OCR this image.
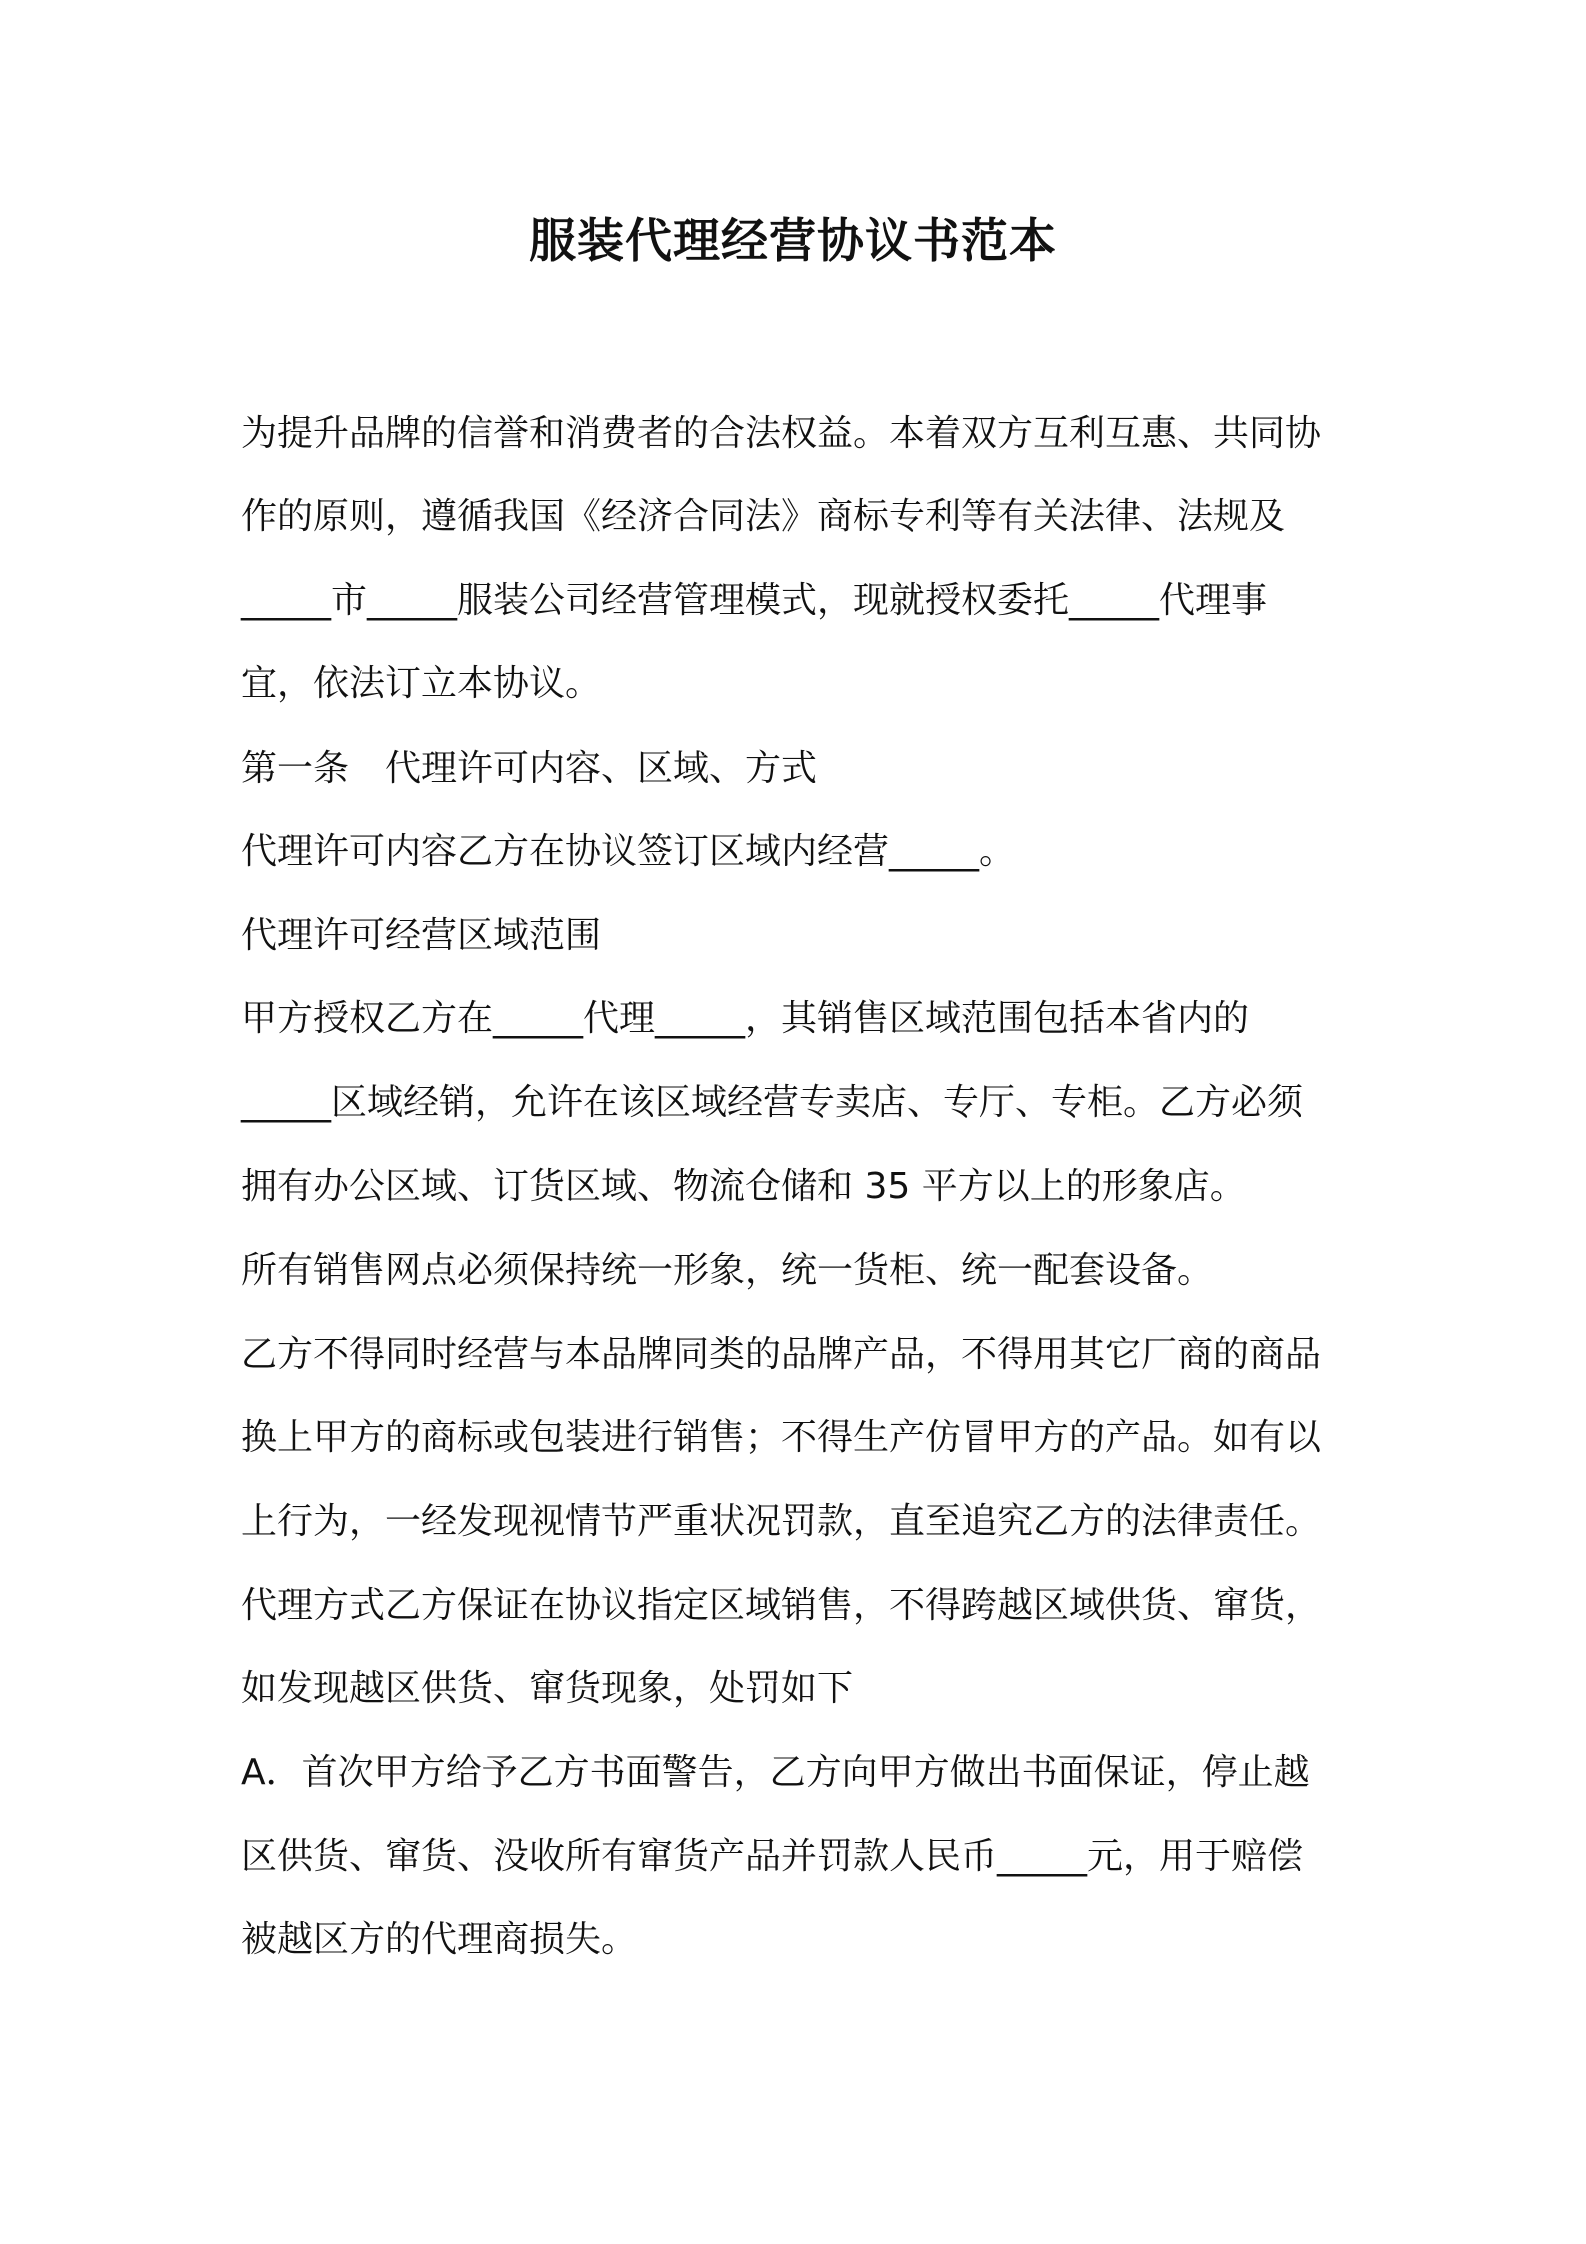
服装代理经营协议书范本
为提升品牌的信誉和消费者的合法权益。本着双方互利互惠、共同协
作的原则，遵循我国《经济合同法》商标专利等有关法律、法规及
_____市_____服装公司经营管理模式，现就授权委托_____代理事
宜，依法订立本协议。
第一条　代理许可内容、区域、方式
代理许可内容乙方在协议签订区域内经营_____。
代理许可经营区域范围
甲方授权乙方在_____代理_____，其销售区域范围包括本省内的
_____区域经销，允许在该区域经营专卖店、专厅、专柜。乙方必须
拥有办公区域、订货区域、物流仓储和 35 平方以上的形象店。
所有销售网点必须保持统一形象，统一货柜、统一配套设备。
乙方不得同时经营与本品牌同类的品牌产品，不得用其它厂商的商品
换上甲方的商标或包装进行销售；不得生产仿冒甲方的产品。如有以
上行为，一经发现视情节严重状况罚款，直至追究乙方的法律责任。
代理方式乙方保证在协议指定区域销售，不得跨越区域供货、窜货，
如发现越区供货、窜货现象，处罚如下
A．首次甲方给予乙方书面警告，乙方向甲方做出书面保证，停止越
区供货、窜货、没收所有窜货产品并罚款人民币_____元，用于赔偿
被越区方的代理商损失。
